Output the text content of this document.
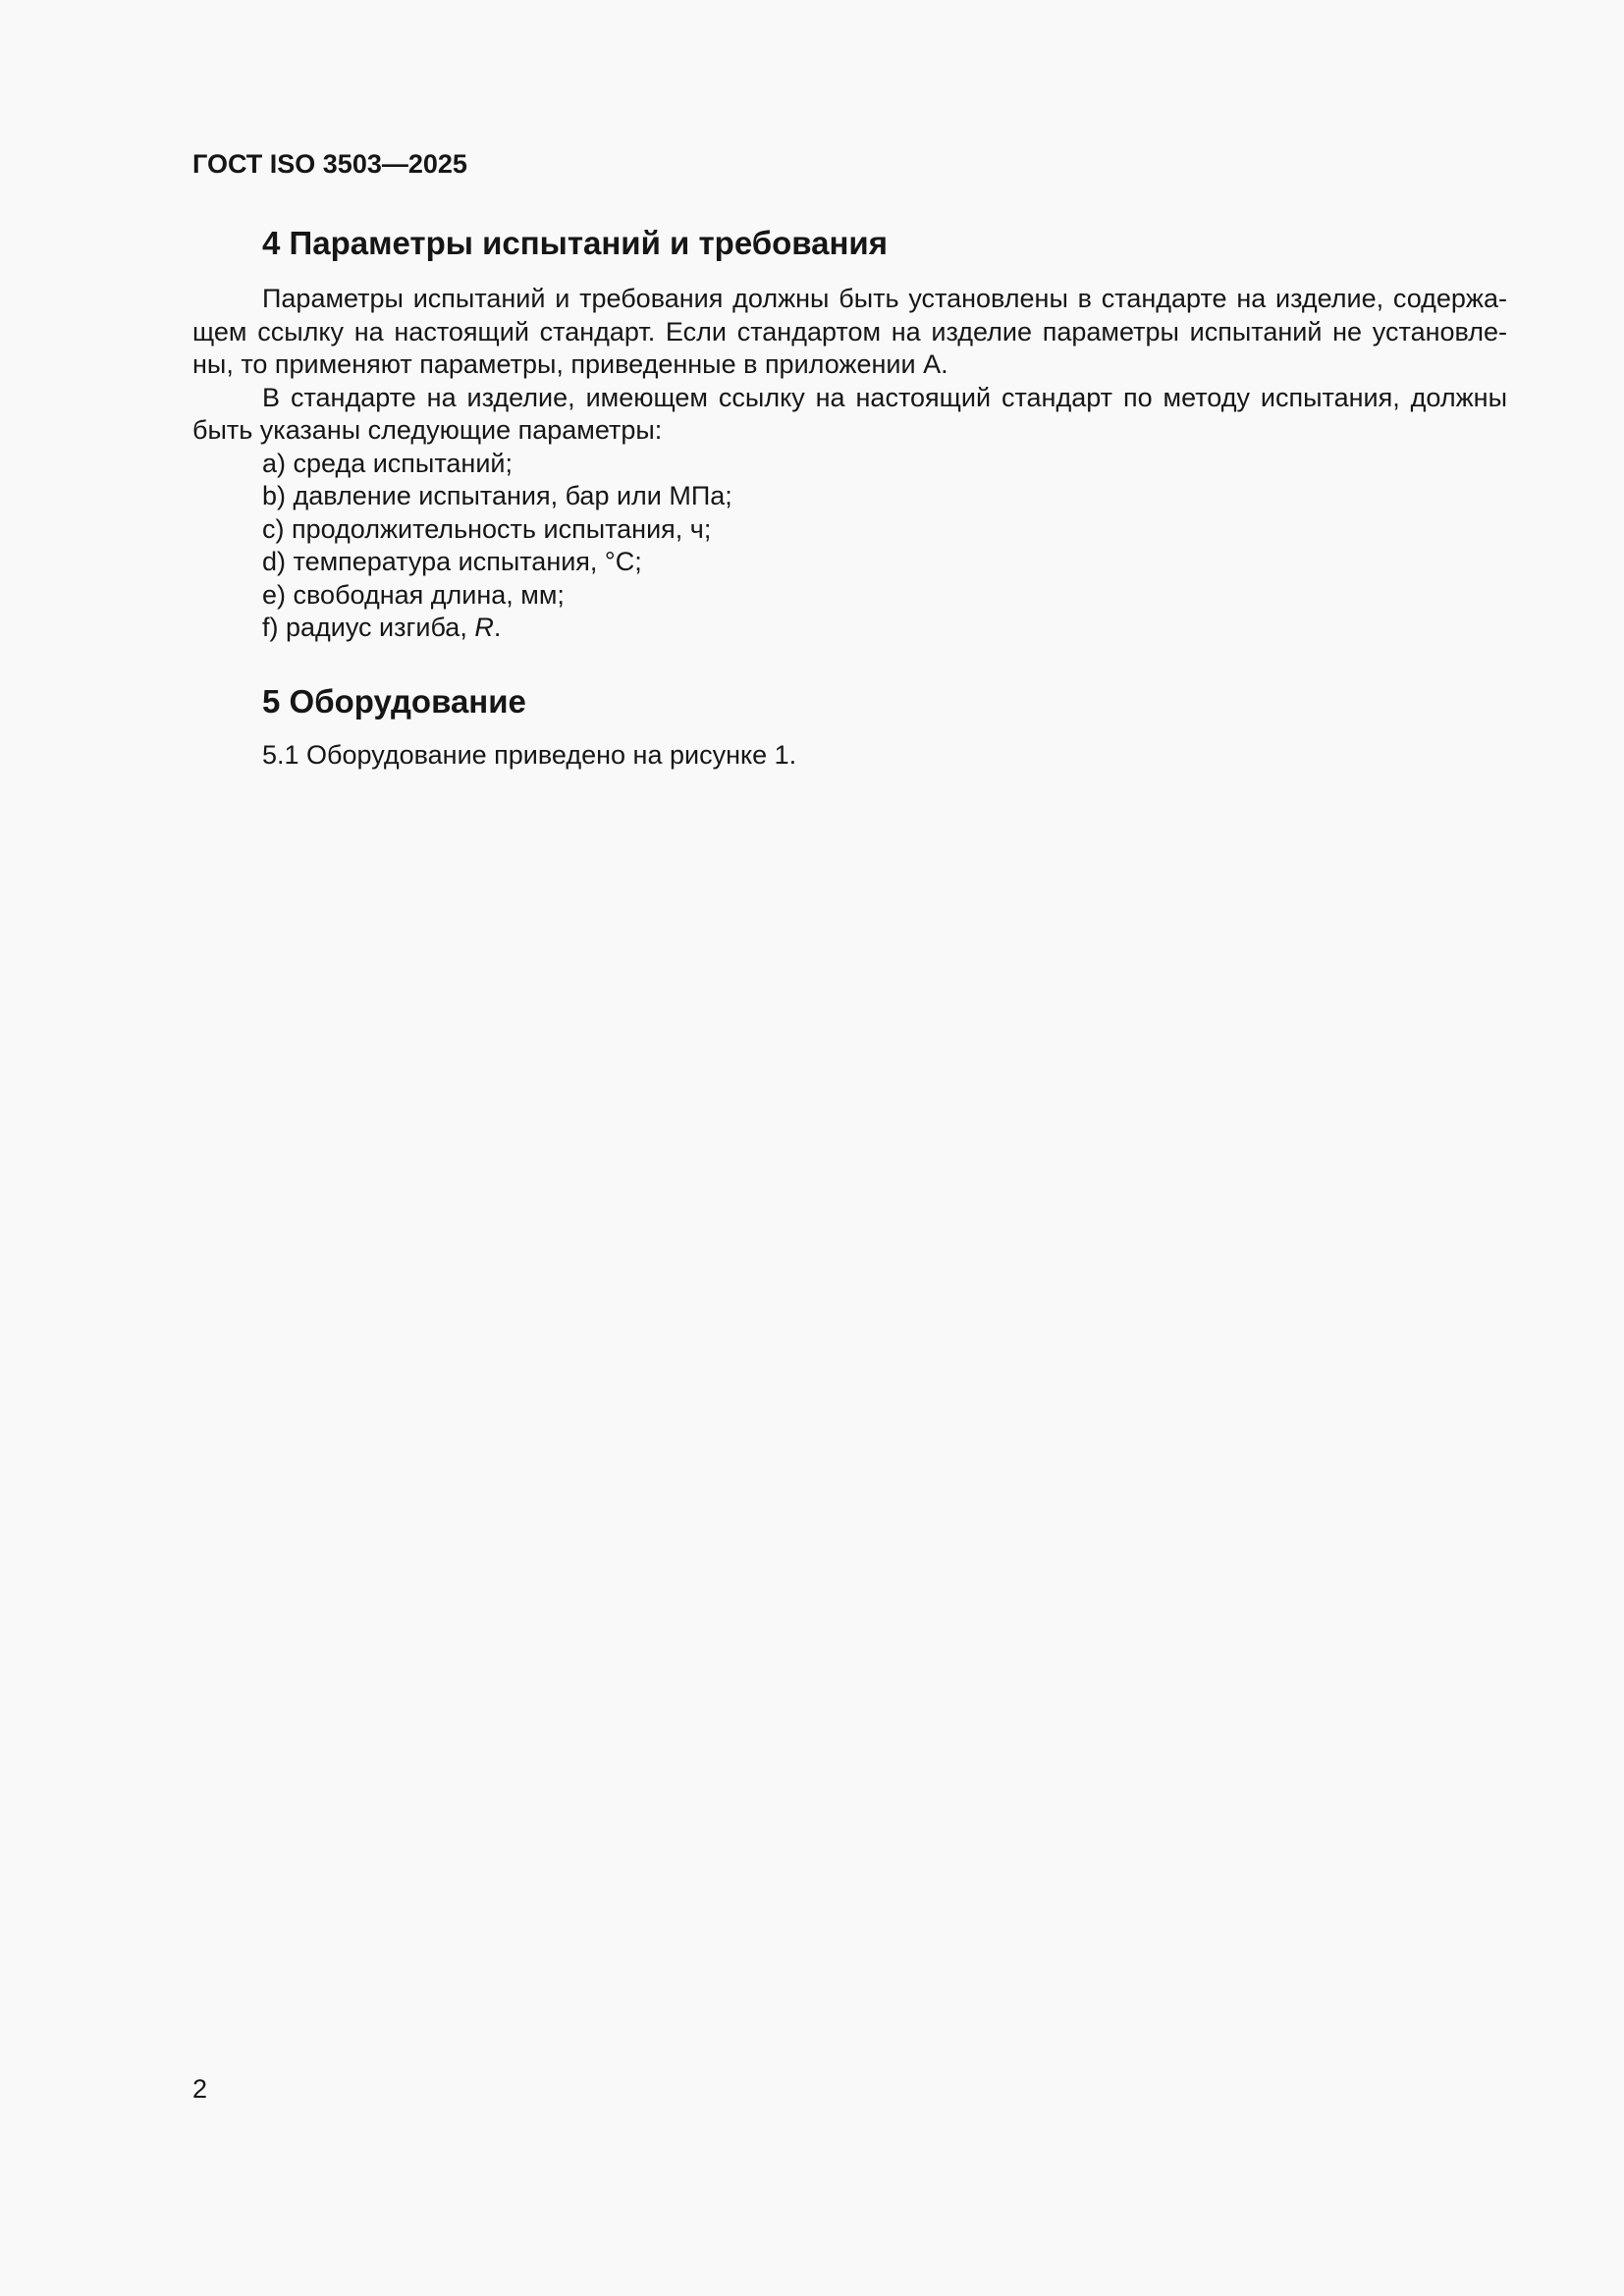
ГОСТ ISO 3503—2025
4 Параметры испытаний и требования

Параметры испытаний и требования должны быть установлены в стандарте на изделие, содержа-
щем ссылку на настоящий стандарт. Если стандартом на изделие параметры испытаний не установле-
ны, то применяют параметры, приведенные в приложении А.

В стандарте на изделие, имеющем ссылку на настоящий стандарт по методу испытания, должны
быть указаны следующие параметры:

a) среда испытаний;
b) давление испытания, бар или МПа;
c) продолжительность испытания, ч;
d) температура испытания, °C;
e) свободная длина, мм;
f) радиус изгиба, R.
5 Оборудование

5.1 Оборудование приведено на рисунке 1.

2
